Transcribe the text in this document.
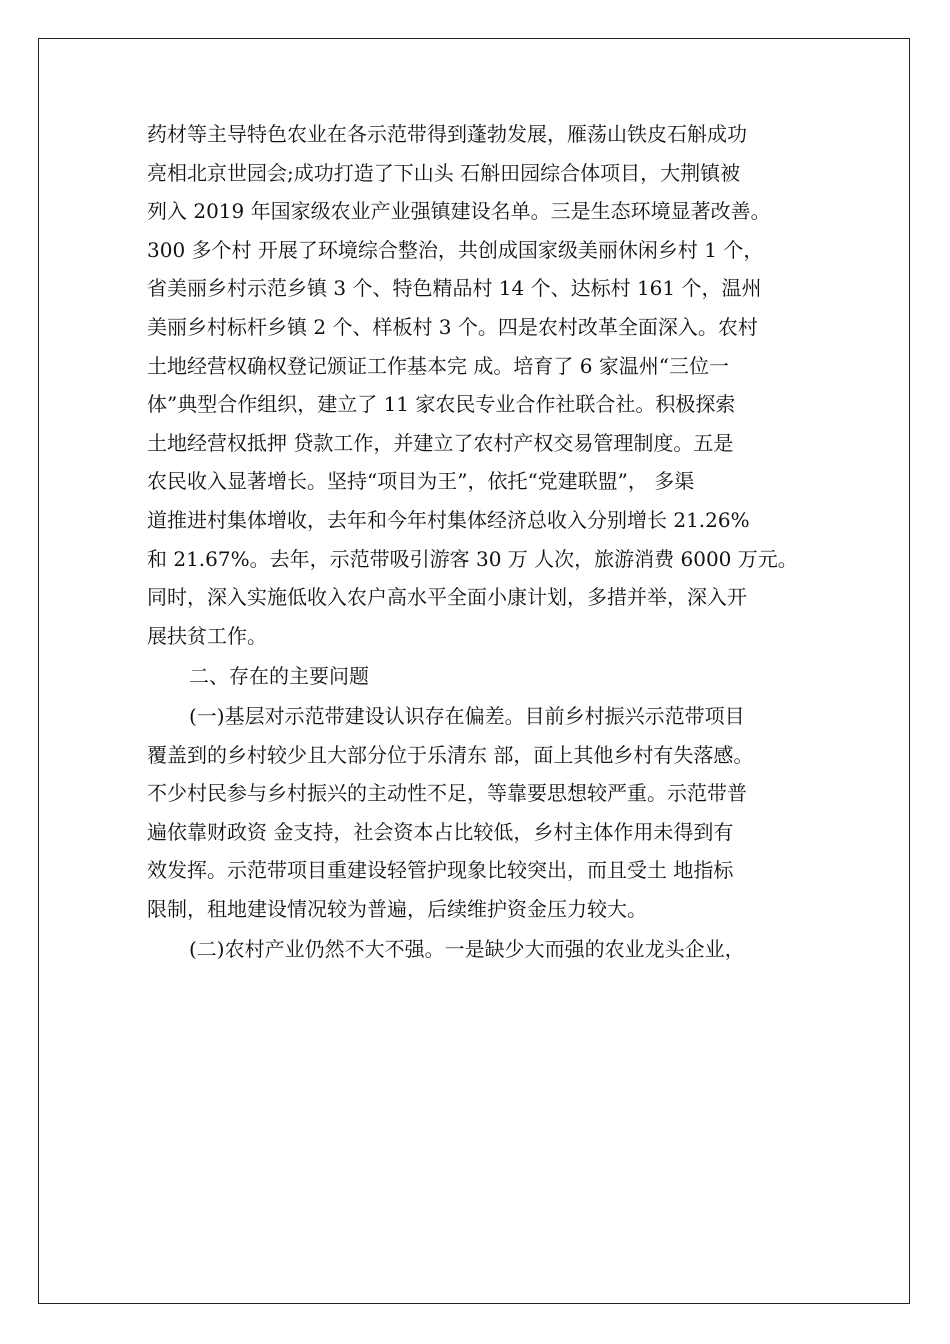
药材等主导特色农业在各示范带得到蓬勃发展，雁荡山铁皮石斛成功

亮相北京世园会;成功打造了下山头 石斛田园综合体项目，大荆镇被

列入 2019 年国家级农业产业强镇建设名单。三是生态环境显著改善。

300 多个村 开展了环境综合整治，共创成国家级美丽休闲乡村 1 个，

省美丽乡村示范乡镇 3 个、特色精品村 14 个、达标村 161 个，温州

美丽乡村标杆乡镇 2 个、样板村 3 个。四是农村改革全面深入。农村

土地经营权确权登记颁证工作基本完 成。培育了 6 家温州“三位一

体”典型合作组织，建立了 11 家农民专业合作社联合社。积极探索

土地经营权抵押 贷款工作，并建立了农村产权交易管理制度。五是

农民收入显著增长。坚持“项目为王”，依托“党建联盟”， 多渠

道推进村集体增收，去年和今年村集体经济总收入分别增长 21.26%

和 21.67%。去年，示范带吸引游客 30 万 人次，旅游消费 6000 万元。

同时，深入实施低收入农户高水平全面小康计划，多措并举，深入开

展扶贫工作。

二、存在的主要问题

(一)基层对示范带建设认识存在偏差。目前乡村振兴示范带项目

覆盖到的乡村较少且大部分位于乐清东 部，面上其他乡村有失落感。

不少村民参与乡村振兴的主动性不足，等靠要思想较严重。示范带普

遍依靠财政资 金支持，社会资本占比较低，乡村主体作用未得到有

效发挥。示范带项目重建设轻管护现象比较突出，而且受土 地指标

限制，租地建设情况较为普遍，后续维护资金压力较大。

(二)农村产业仍然不大不强。一是缺少大而强的农业龙头企业，
